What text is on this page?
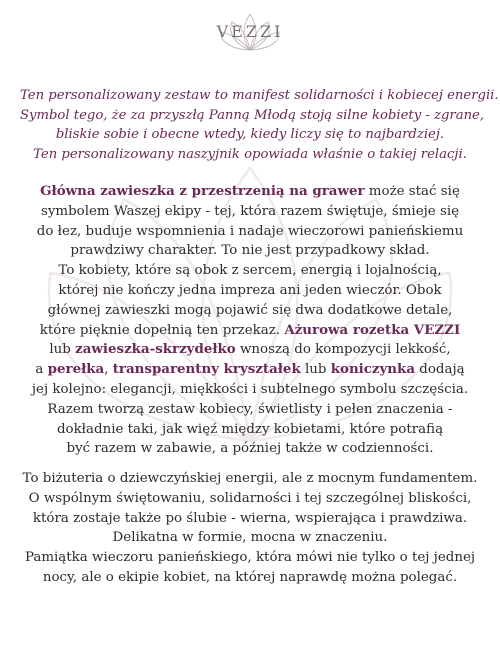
VEZZI
Ten personalizowany zestaw to manifest solidarności i kobiecej energii.
Symbol tego, że za przyszłą Panną Młodą stoją silne kobiety - zgrane,
bliskie sobie i obecne wtedy, kiedy liczy się to najbardziej.
Ten personalizowany naszyjnik opowiada właśnie o takiej relacji.
Główna zawieszka z przestrzenią na grawer może stać się
symbolem Waszej ekipy - tej, która razem świętuje, śmieje się
do łez, buduje wspomnienia i nadaje wieczorowi panieńskiemu
prawdziwy charakter. To nie jest przypadkowy skład.
To kobiety, które są obok z sercem, energią i lojalnością,
której nie kończy jedna impreza ani jeden wieczór. Obok
głównej zawieszki mogą pojawić się dwa dodatkowe detale,
które pięknie dopełnią ten przekaz. Ażurowa rozetka VEZZI
lub zawieszka-skrzydełko wnoszą do kompozycji lekkość,
a perełka, transparentny kryształek lub koniczynka dodają
jej kolejno: elegancji, miękkości i subtelnego symbolu szczęścia.
Razem tworzą zestaw kobiecy, świetlisty i pełen znaczenia -
dokładnie taki, jak więź między kobietami, które potrafią
być razem w zabawie, a później także w codzienności.
To biżuteria o dziewczyńskiej energii, ale z mocnym fundamentem.
O wspólnym świętowaniu, solidarności i tej szczególnej bliskości,
która zostaje także po ślubie - wierna, wspierająca i prawdziwa.
Delikatna w formie, mocna w znaczeniu.
Pamiątka wieczoru panieńskiego, która mówi nie tylko o tej jednej
nocy, ale o ekipie kobiet, na której naprawdę można polegać.
